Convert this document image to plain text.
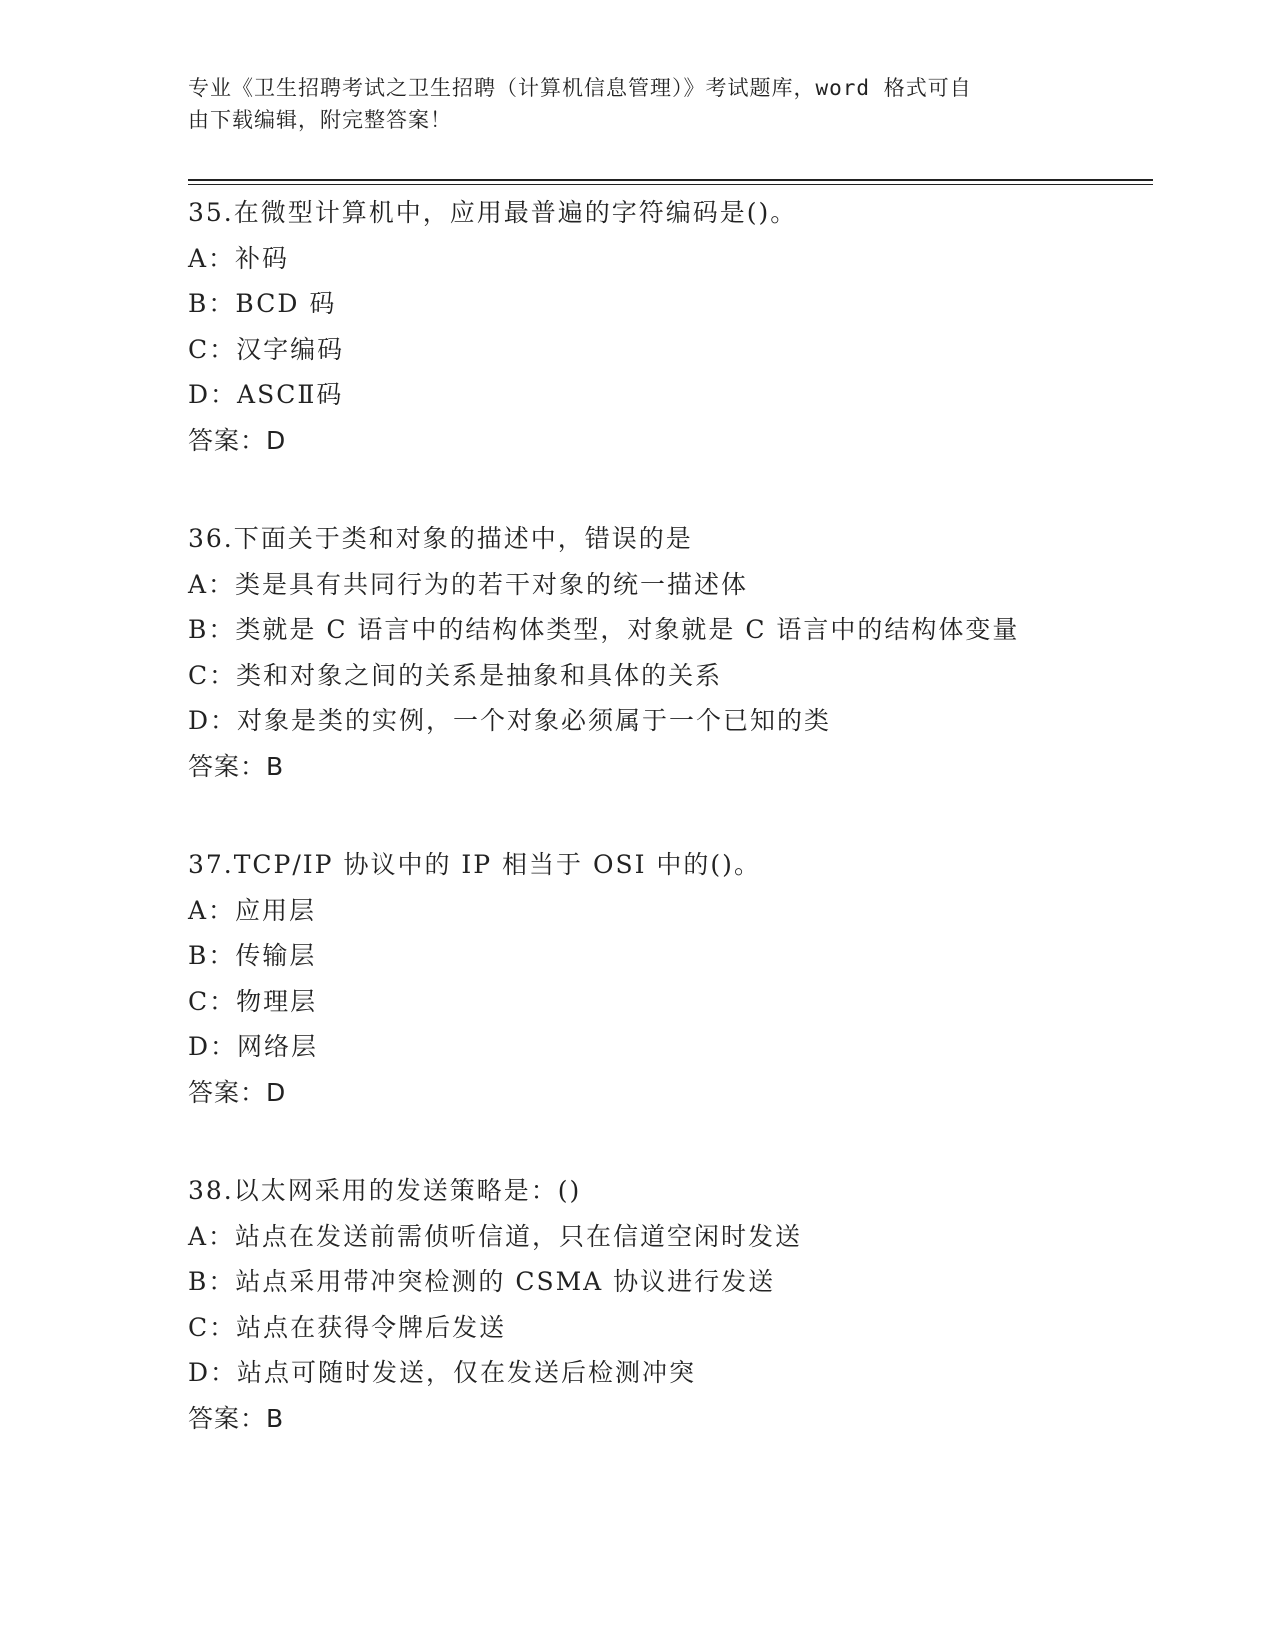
专业《卫生招聘考试之卫生招聘（计算机信息管理）》考试题库，word 格式可自
由下载编辑，附完整答案！
35.在微型计算机中，应用最普遍的字符编码是()。
A：补码
B：BCD 码
C：汉字编码
D：ASCⅡ码
答案：D
36.下面关于类和对象的描述中，错误的是
A：类是具有共同行为的若干对象的统一描述体
B：类就是 C 语言中的结构体类型，对象就是 C 语言中的结构体变量
C：类和对象之间的关系是抽象和具体的关系
D：对象是类的实例，一个对象必须属于一个已知的类
答案：B
37.TCP/IP 协议中的 IP 相当于 OSI 中的()。
A：应用层
B：传输层
C：物理层
D：网络层
答案：D
38.以太网采用的发送策略是：()
A：站点在发送前需侦听信道，只在信道空闲时发送
B：站点采用带冲突检测的 CSMA 协议进行发送
C：站点在获得令牌后发送
D：站点可随时发送，仅在发送后检测冲突
答案：B
